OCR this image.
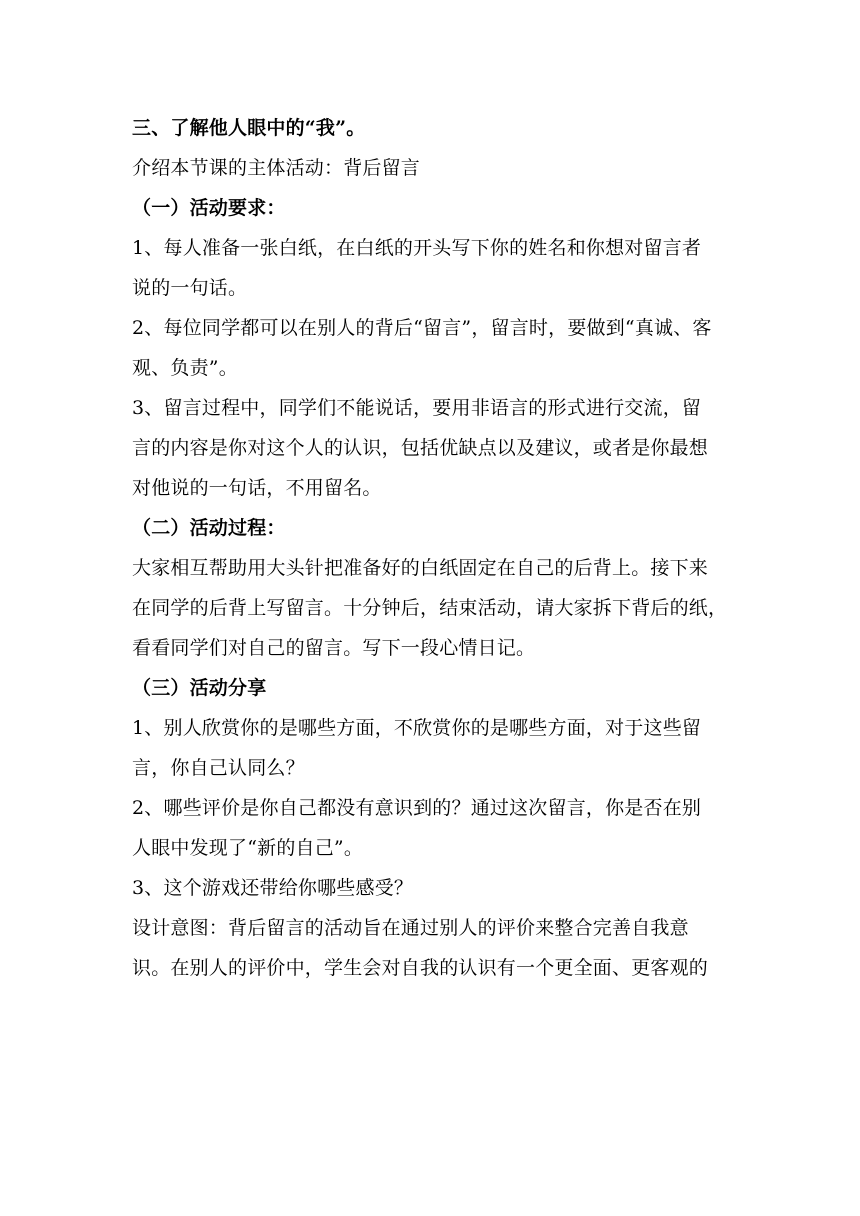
三、了解他人眼中的“我”。
介绍本节课的主体活动：背后留言
（一）活动要求：
1、每人准备一张白纸，在白纸的开头写下你的姓名和你想对留言者
说的一句话。
2、每位同学都可以在别人的背后“留言”，留言时，要做到“真诚、客
观、负责”。
3、留言过程中，同学们不能说话，要用非语言的形式进行交流，留
言的内容是你对这个人的认识，包括优缺点以及建议，或者是你最想
对他说的一句话，不用留名。
（二）活动过程：
大家相互帮助用大头针把准备好的白纸固定在自己的后背上。接下来
在同学的后背上写留言。十分钟后，结束活动，请大家拆下背后的纸，
看看同学们对自己的留言。写下一段心情日记。
（三）活动分享
1、别人欣赏你的是哪些方面，不欣赏你的是哪些方面，对于这些留
言，你自己认同么？
2、哪些评价是你自己都没有意识到的？通过这次留言，你是否在别
人眼中发现了“新的自己”。
3、这个游戏还带给你哪些感受？
设计意图：背后留言的活动旨在通过别人的评价来整合完善自我意
识。在别人的评价中，学生会对自我的认识有一个更全面、更客观的
